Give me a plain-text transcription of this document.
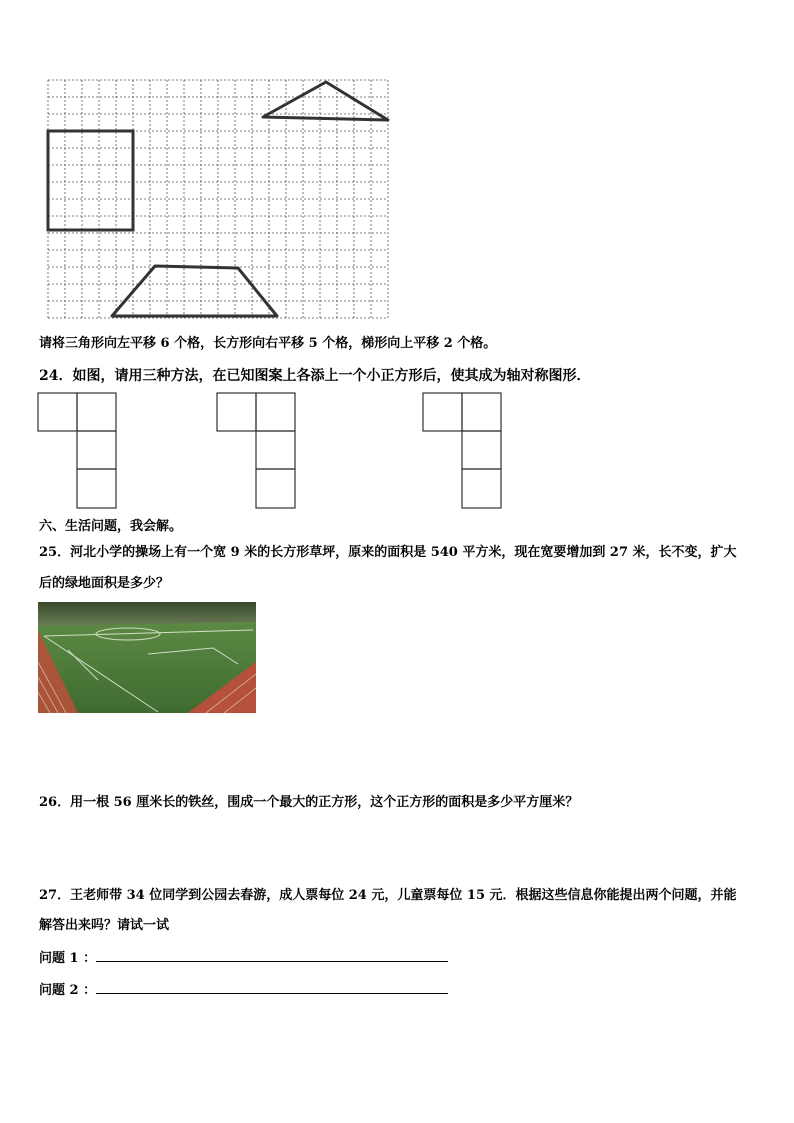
请将三角形向左平移 6 个格，长方形向右平移 5 个格，梯形向上平移 2 个格。
24．如图，请用三种方法，在已知图案上各添上一个小正方形后，使其成为轴对称图形．
六、生活问题，我会解。
25．河北小学的操场上有一个宽 9 米的长方形草坪，原来的面积是 540 平方米，现在宽要增加到 27 米，长不变，扩大
后的绿地面积是多少？
26．用一根 56 厘米长的铁丝，围成一个最大的正方形，这个正方形的面积是多少平方厘米？
27．王老师带 34 位同学到公园去春游，成人票每位 24 元，儿童票每位 15 元．根据这些信息你能提出两个问题，并能
解答出来吗？请试一试
问题 1 ：
问题 2 ：
